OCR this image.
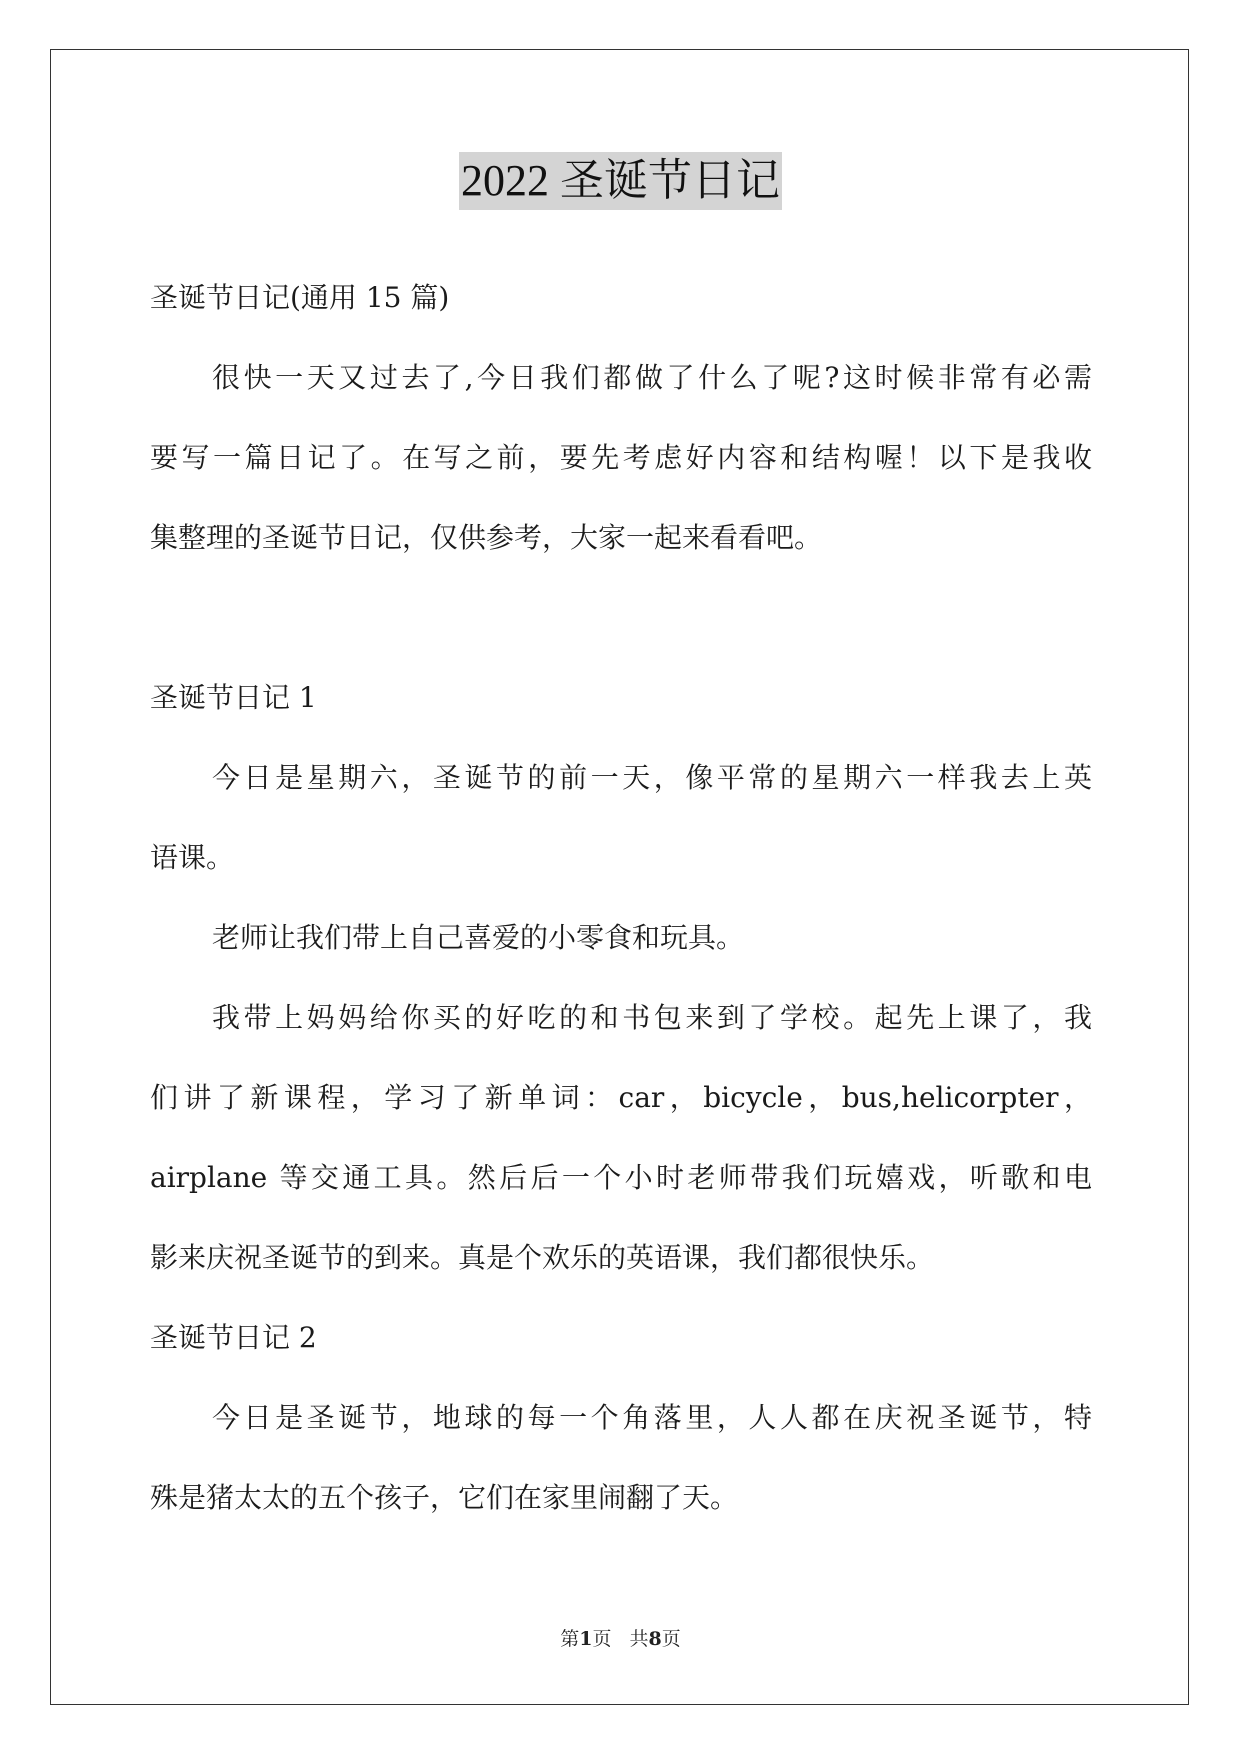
2022 圣诞节日记
圣诞节日记(通用 15 篇)
很快一天又过去了,今日我们都做了什么了呢?这时候非常有必需
要写一篇日记了。在写之前，要先考虑好内容和结构喔！以下是我收
集整理的圣诞节日记，仅供参考，大家一起来看看吧。
圣诞节日记 1
今日是星期六，圣诞节的前一天，像平常的星期六一样我去上英
语课。
老师让我们带上自己喜爱的小零食和玩具。
我带上妈妈给你买的好吃的和书包来到了学校。起先上课了，我
们讲了新课程，学习了新单词：car，bicycle，bus,helicorpter，
airplane 等交通工具。然后后一个小时老师带我们玩嬉戏，听歌和电
影来庆祝圣诞节的到来。真是个欢乐的英语课，我们都很快乐。
圣诞节日记 2
今日是圣诞节，地球的每一个角落里，人人都在庆祝圣诞节，特
殊是猪太太的五个孩子，它们在家里闹翻了天。
第1页 共8页
